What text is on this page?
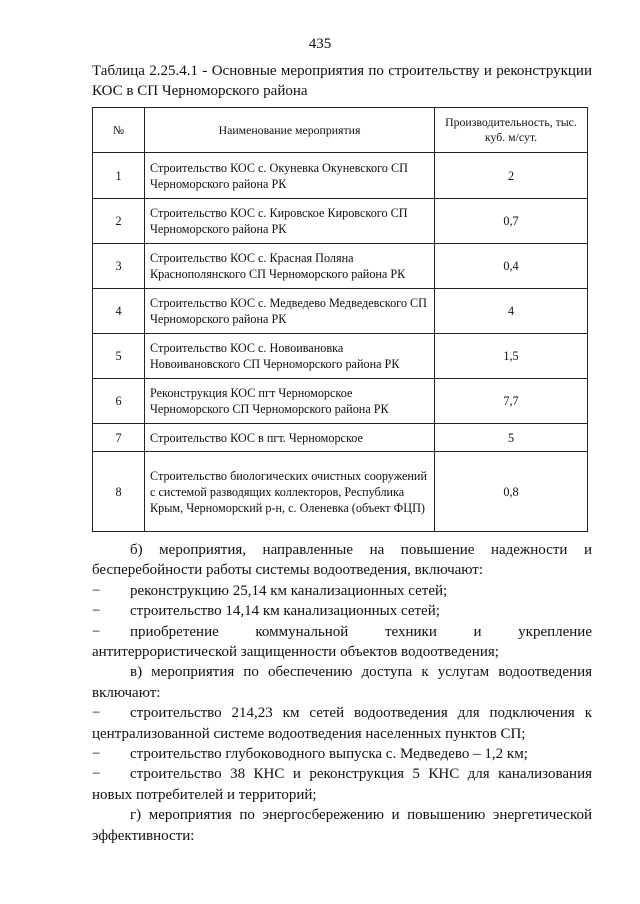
435
Таблица 2.25.4.1 - Основные мероприятия по строительству и реконструкции
КОС в СП Черноморского района
№	Наименование мероприятия	Производительность, тыс. куб. м/сут.
1	Строительство КОС с. Окуневка Окуневского СП Черноморского района РК	2
2	Строительство КОС с. Кировское Кировского СП Черноморского района РК	0,7
3	Строительство КОС с. Красная Поляна Краснополянского СП Черноморского района РК	0,4
4	Строительство КОС с. Медведево Медведевского СП Черноморского района РК	4
5	Строительство КОС с. Новоивановка Новоивановского СП Черноморского района РК	1,5
6	Реконструкция КОС пгт Черноморское Черноморского СП Черноморского района РК	7,7
7	Строительство КОС в пгт. Черноморское	5
8	Строительство биологических очистных сооружений с системой разводящих коллекторов, Республика Крым, Черноморский р-н, с. Оленевка (объект ФЦП)	0,8

б) мероприятия, направленные на повышение надежности и бесперебойности работы системы водоотведения, включают:

− реконструкцию 25,14 км канализационных сетей;

− строительство 14,14 км канализационных сетей;

− приобретение коммунальной техники и укрепление антитеррористической защищенности объектов водоотведения;

в) мероприятия по обеспечению доступа к услугам водоотведения включают:

− строительство 214,23 км сетей водоотведения для подключения к централизованной системе водоотведения населенных пунктов СП;

− строительство глубоководного выпуска с. Медведево – 1,2 км;

− строительство 38 КНС и реконструкция 5 КНС для канализования новых потребителей и территорий;

г) мероприятия по энергосбережению и повышению энергетической эффективности:
